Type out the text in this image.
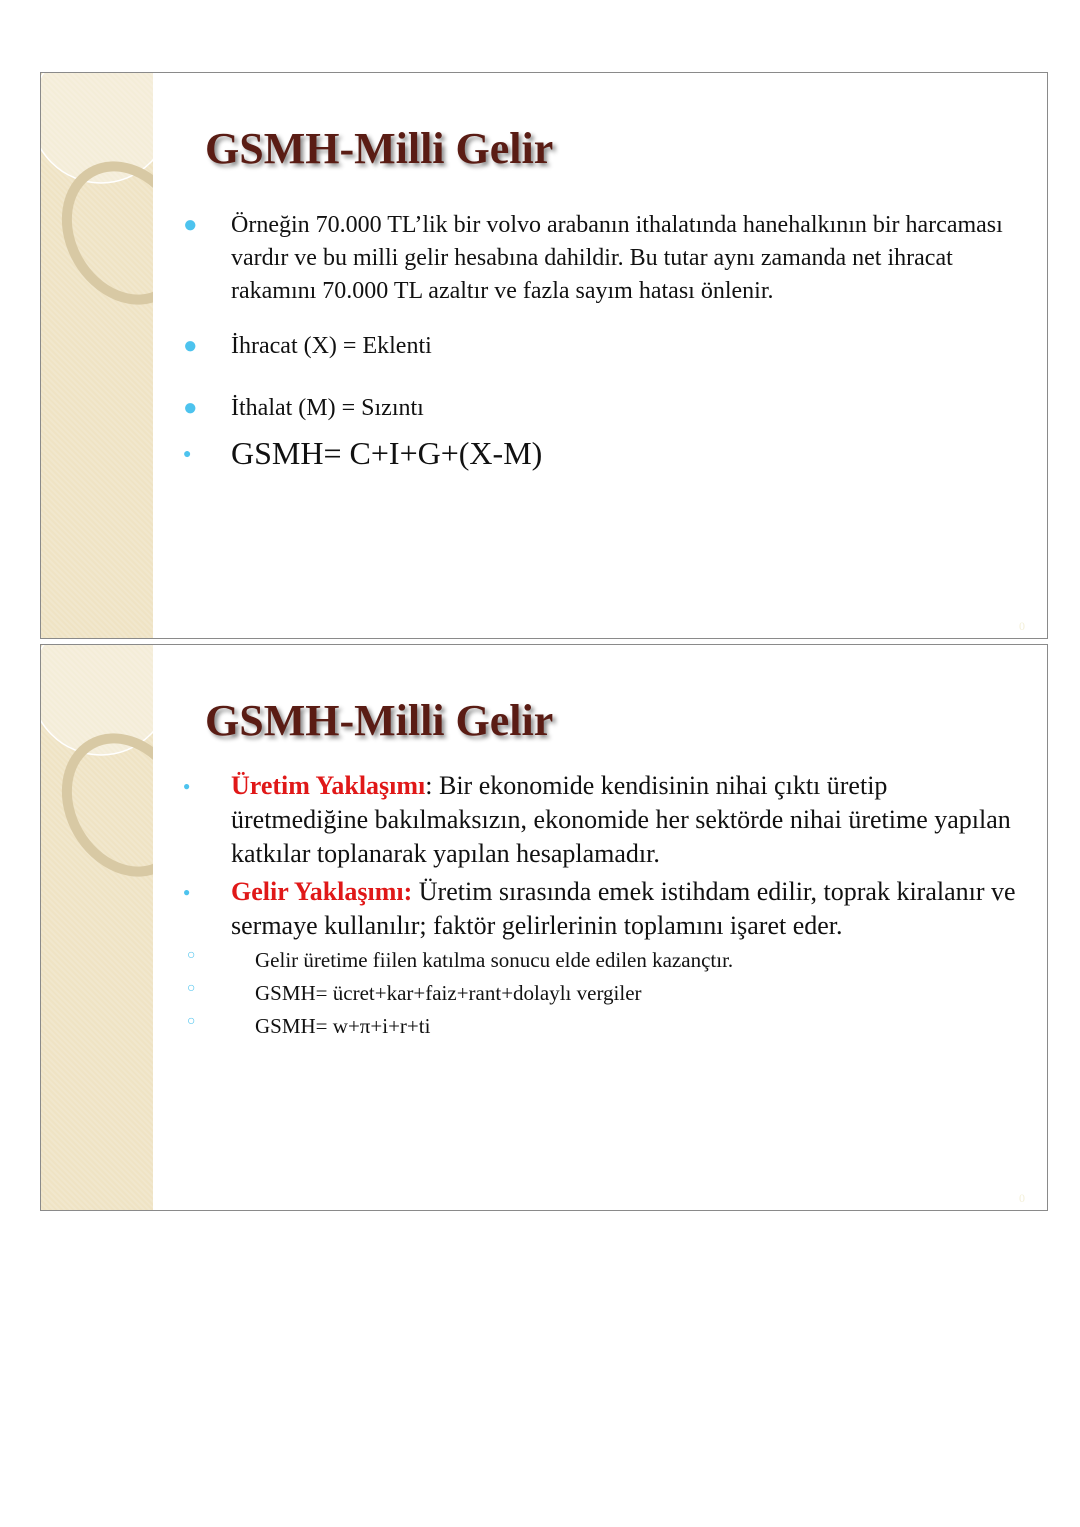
GSMH-Milli Gelir
● Örneğin 70.000 TL’lik bir volvo arabanın ithalatında hanehalkının bir harcaması vardır ve bu milli gelir hesabına dahildir. Bu tutar aynı zamanda net ihracat rakamını 70.000 TL azaltır ve fazla sayım hatası önlenir.
● İhracat (X) = Eklenti
● İthalat (M) = Sızıntı
● GSMH= C+I+G+(X-M)
0
GSMH-Milli Gelir
● Üretim Yaklaşımı: Bir ekonomide kendisinin nihai çıktı üretip üretmediğine bakılmaksızın, ekonomide her sektörde nihai üretime yapılan katkılar toplanarak yapılan hesaplamadır.
● Gelir Yaklaşımı: Üretim sırasında emek istihdam edilir, toprak kiralanır ve sermaye kullanılır; faktör gelirlerinin toplamını işaret eder.
○	Gelir üretime fiilen katılma sonucu elde edilen kazançtır.
○	GSMH= ücret+kar+faiz+rant+dolaylı vergiler
○	GSMH= w+π+i+r+ti
0
